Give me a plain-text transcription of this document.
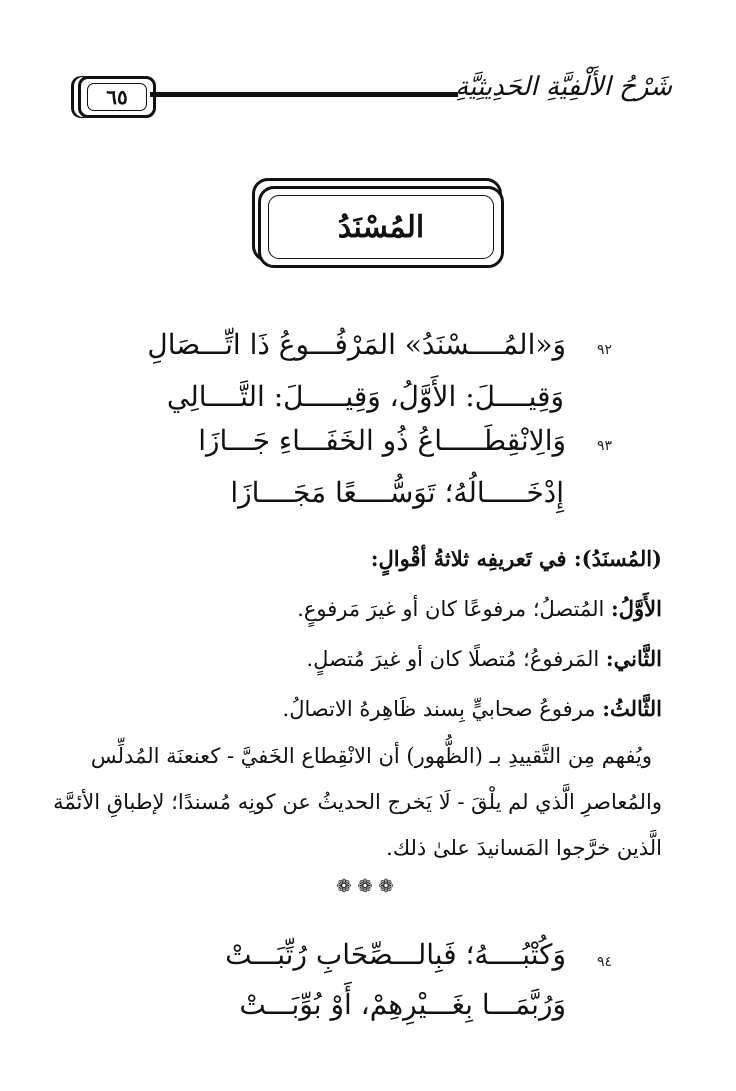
٦٥	شَرْحُ الأَلْفِيَّةِ الحَدِيثِيَّةِ
المُسْنَدُ
٩٢
وَ«المُــــسْنَدُ» المَرْفُـــوعُ ذَا اتِّـــصَالِ
وَقِيــــلَ: الأَوَّلُ، وَقِيـــــلَ: التَّــــالِي
٩٣
وَالِانْقِطَـــــاعُ ذُو الخَفَـــاءِ جَـــازَا
إِدْخَـــــالُهُ؛ تَوَسُّــــعًا مَجَــــازَا
(المُسنَدُ): في تَعريفِه ثلاثةُ أقْوالٍ:
الأَوَّلُ: المُتصلُ؛ مرفوعًا كان أو غيرَ مَرفوعٍ.
الثَّاني: المَرفوعُ؛ مُتصلًا كان أو غيرَ مُتصلٍ.
الثَّالثُ: مرفوعُ صحابيٍّ بِسند ظَاهِرهُ الاتصالُ.
ويُفهم مِن التَّقييدِ بـ (الظُّهور) أن الانْقِطاع الخَفيَّ - كعنعنَة المُدلِّس
والمُعاصرِ الَّذي لم يلْقَ - لَا يَخرج الحديثُ عن كونِه مُسندًا؛ لإطباقِ الأئمَّة
الَّذين خرَّجوا المَسانيدَ علىٰ ذلك.
❁❁❁
٩٤
وَكُتْبُــــهُ؛ فَبِالـــصِّحَابِ رُتِّبَـــتْ
وَرُبَّمَـــا بِغَـــيْرِهِمْ، أَوْ بُوِّبَـــتْ
